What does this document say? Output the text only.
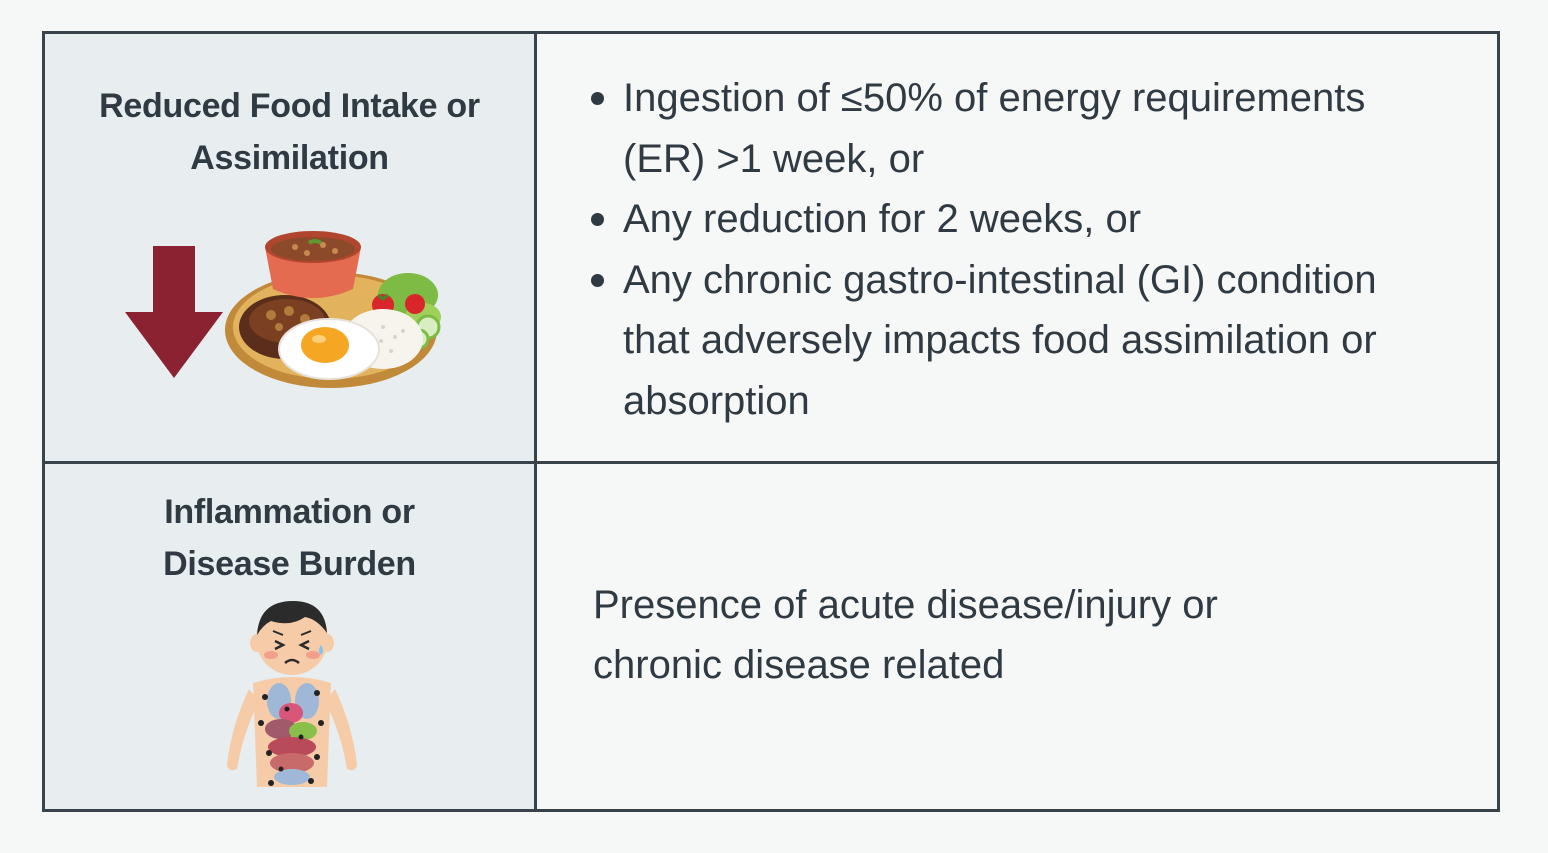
Reduced Food Intake or
Assimilation
Ingestion of ≤50% of energy requirements
(ER) >1 week, or
Any reduction for 2 weeks, or
Any chronic gastro-intestinal (GI) condition
that adversely impacts food assimilation or
absorption
Inflammation or
Disease Burden
Presence of acute disease/injury or
chronic disease related
